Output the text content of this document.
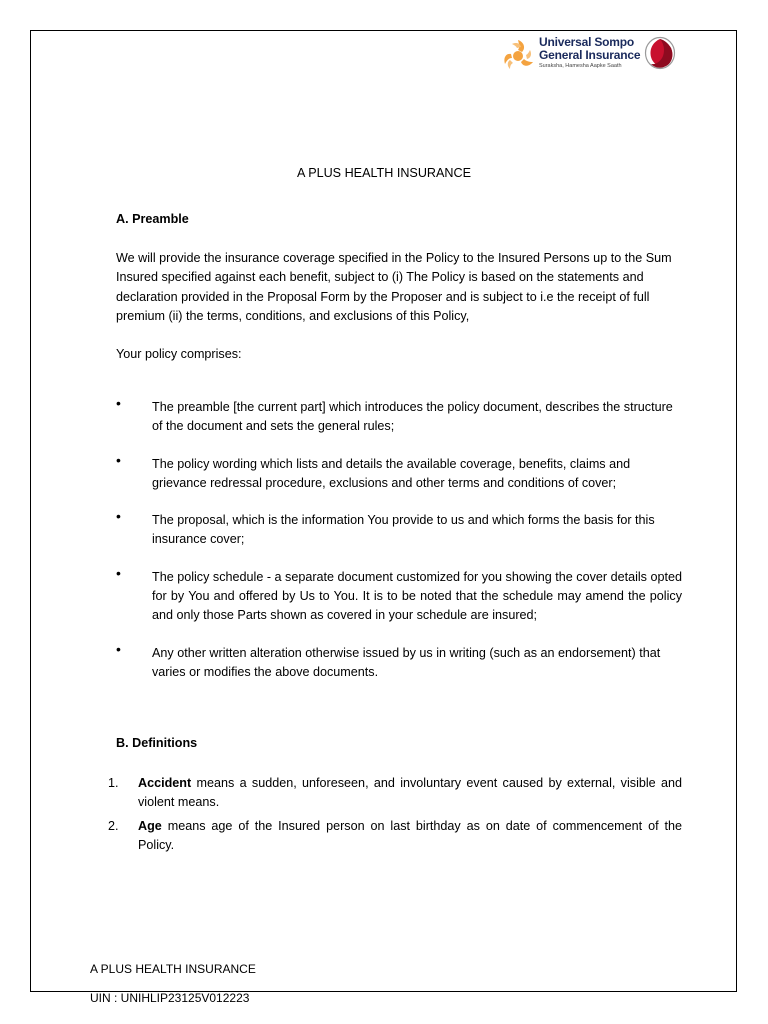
Universal Sompo
General Insurance
Suraksha, Hamesha Aapke Saath
A PLUS HEALTH INSURANCE
A. Preamble
We will provide the insurance coverage specified in the Policy to the Insured Persons up to the Sum Insured specified against each benefit, subject to (i) The Policy is based on the statements and declaration provided in the Proposal Form by the Proposer and is subject to i.e the receipt of full premium (ii) the terms, conditions, and exclusions of this Policy,
Your policy comprises:
• The preamble [the current part] which introduces the policy document, describes the structure of the document and sets the general rules;
• The policy wording which lists and details the available coverage, benefits, claims and grievance redressal procedure, exclusions and other terms and conditions of cover;
• The proposal, which is the information You provide to us and which forms the basis for this insurance cover;
• The policy schedule - a separate document customized for you showing the cover details opted for by You and offered by Us to You. It is to be noted that the schedule may amend the policy and only those Parts shown as covered in your schedule are insured;
• Any other written alteration otherwise issued by us in writing (such as an endorsement) that varies or modifies the above documents.
B. Definitions
1. Accident means a sudden, unforeseen, and involuntary event caused by external, visible and violent means.
2. Age means age of the Insured person on last birthday as on date of commencement of the Policy.
A PLUS HEALTH INSURANCE
UIN : UNIHLIP23125V012223
